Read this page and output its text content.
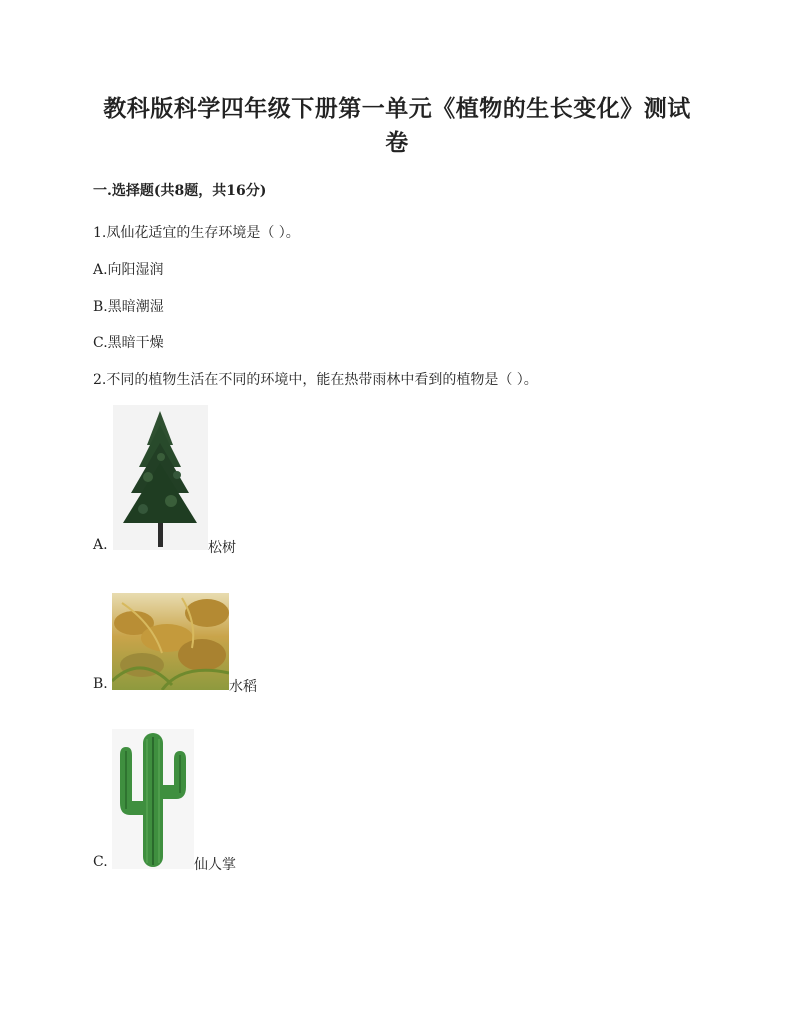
教科版科学四年级下册第一单元《植物的生长变化》测试
卷
一.选择题(共8题，共16分)
1.凤仙花适宜的生存环境是（ ）。
A.向阳湿润
B.黑暗潮湿
C.黑暗干燥
2.不同的植物生活在不同的环境中，能在热带雨林中看到的植物是（ ）。
A.	松树
B.	水稻
C.	仙人掌
